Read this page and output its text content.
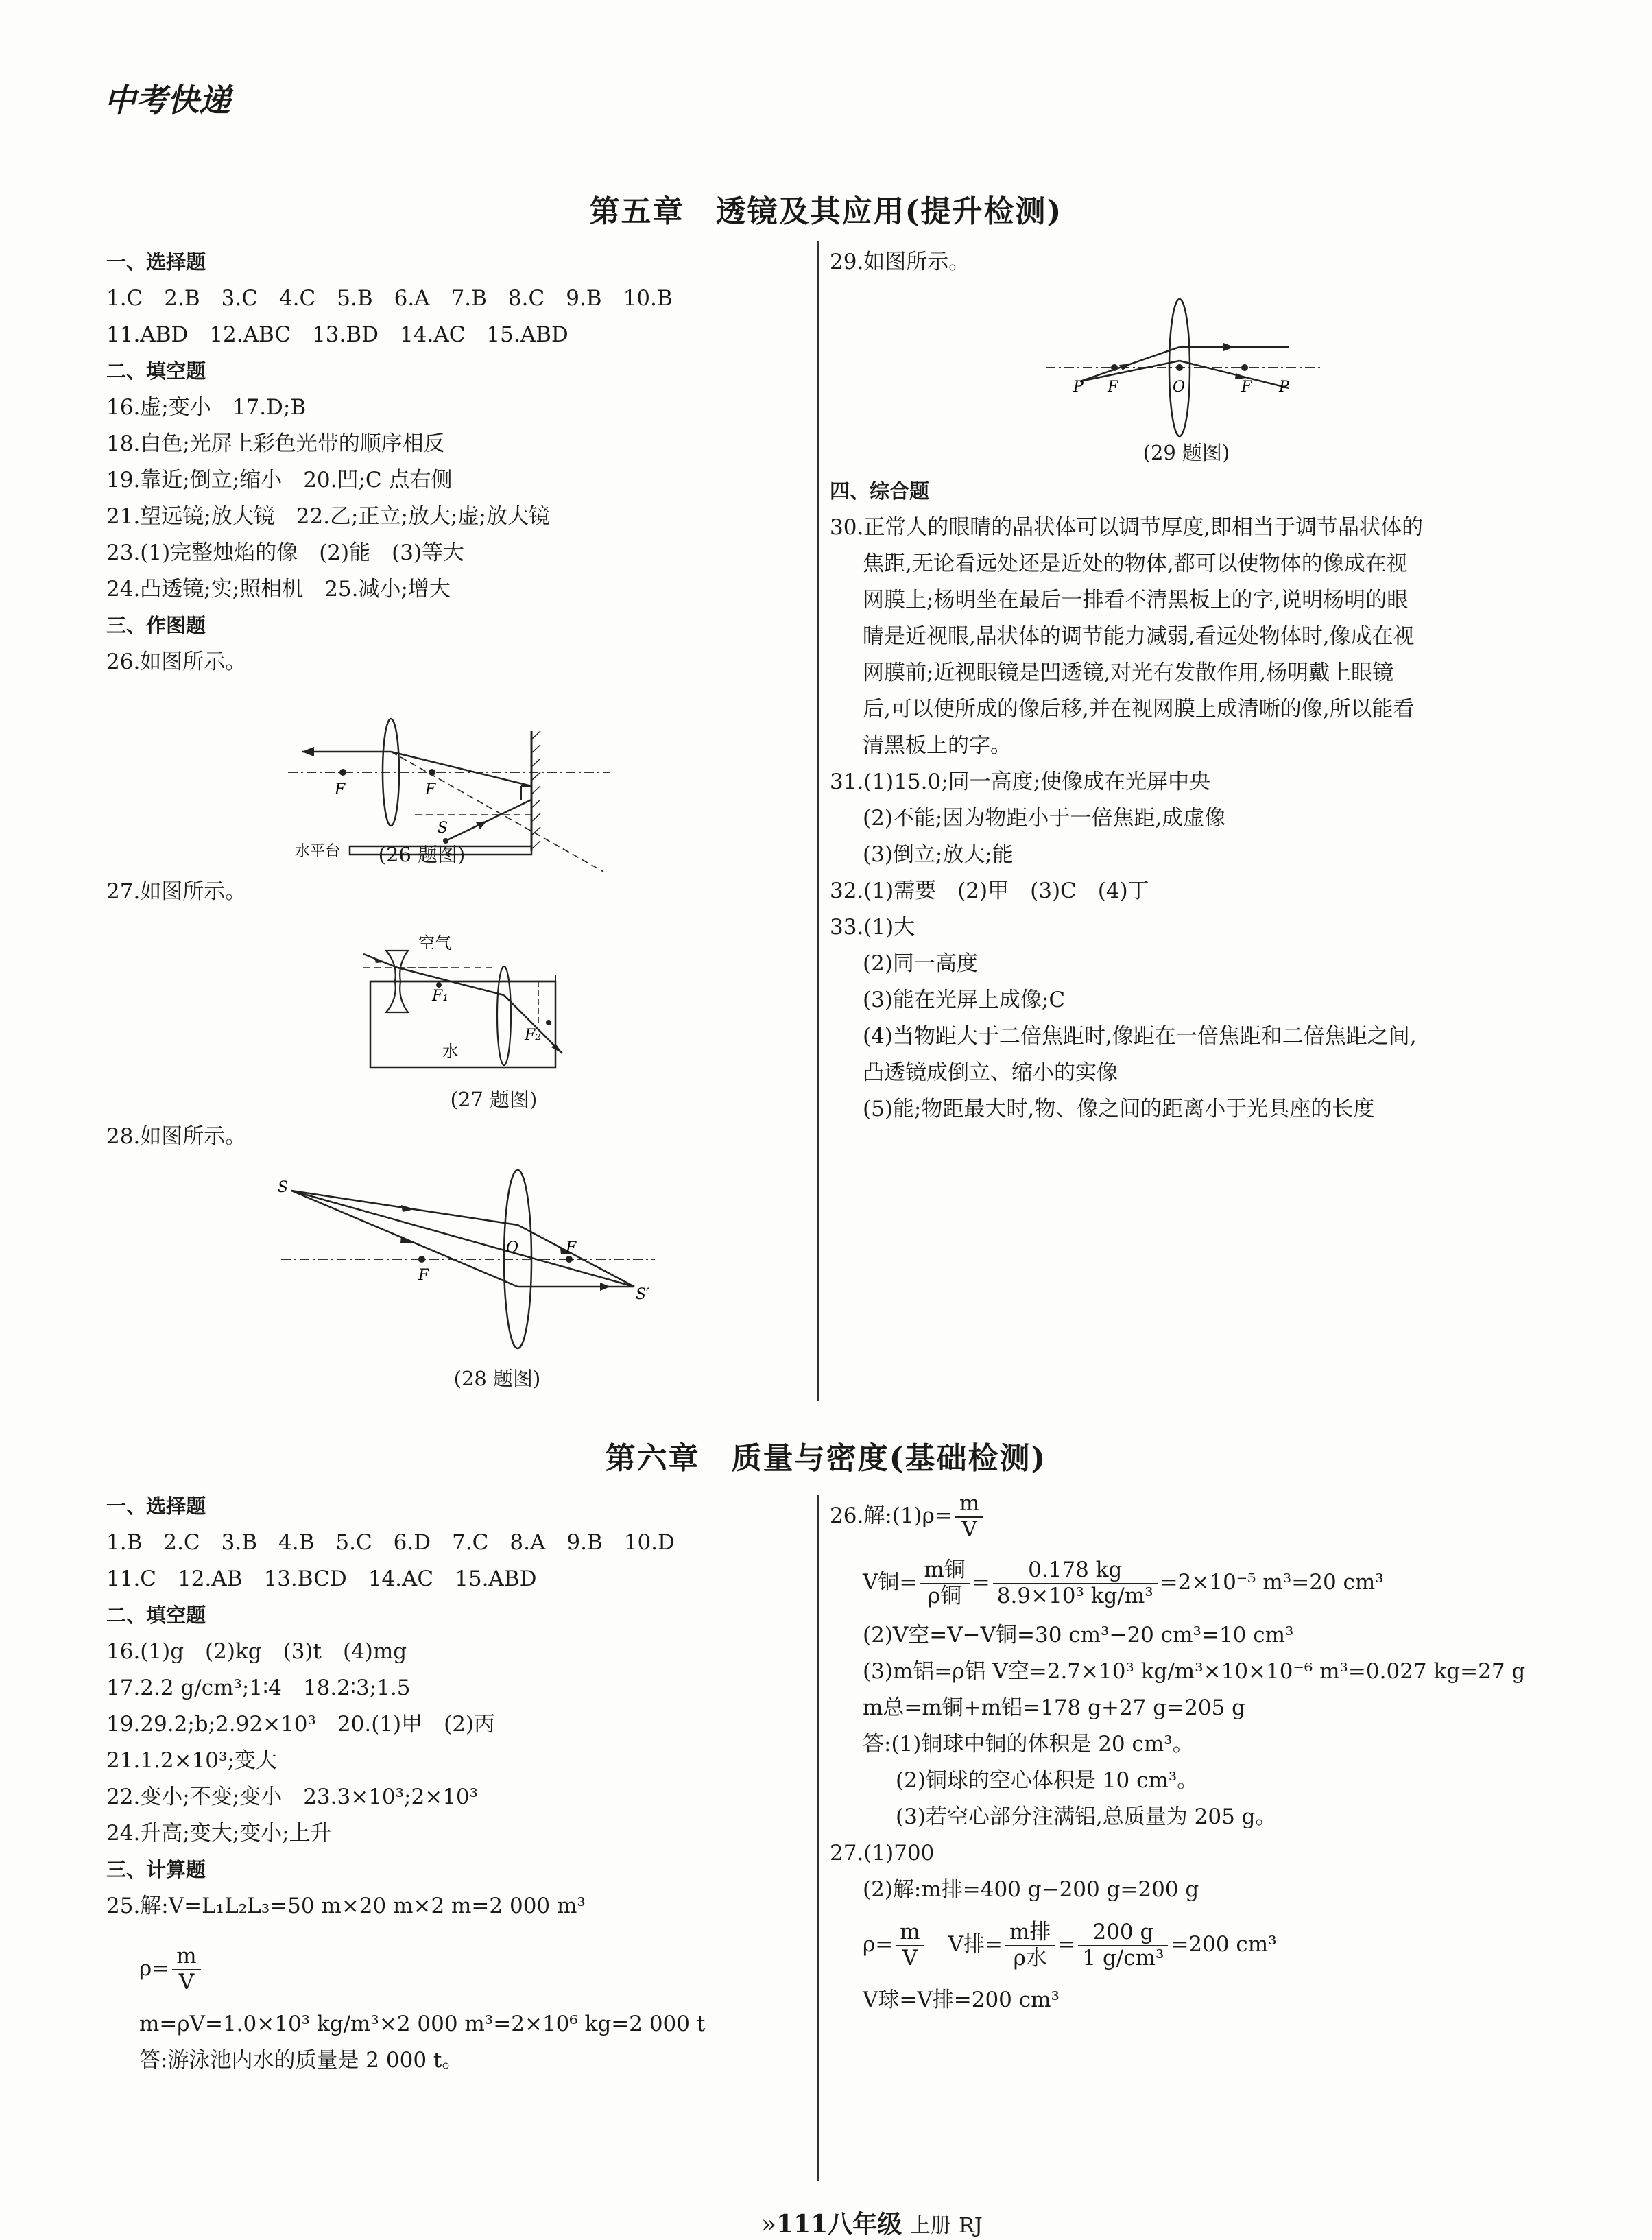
中考快递
第五章　透镜及其应用(提升检测)
一、选择题
1.C　2.B　3.C　4.C　5.B　6.A　7.B　8.C　9.B　10.B
11.ABD　12.ABC　13.BD　14.AC　15.ABD
二、填空题
16.虚;变小　17.D;B
18.白色;光屏上彩色光带的顺序相反
19.靠近;倒立;缩小　20.凹;C 点右侧
21.望远镜;放大镜　22.乙;正立;放大;虚;放大镜
23.(1)完整烛焰的像　(2)能　(3)等大
24.凸透镜;实;照相机　25.减小;增大
三、作图题
26.如图所示。
F	F
S
水平台	(26 题图)
27.如图所示。
空气
F₁
F₂
水
(27 题图)
28.如图所示。
S
O	F
F
S′
(28 题图)
29.如图所示。
P F	O	F P
(29 题图)
四、综合题
30.正常人的眼睛的晶状体可以调节厚度,即相当于调节晶状体的
焦距,无论看远处还是近处的物体,都可以使物体的像成在视
网膜上;杨明坐在最后一排看不清黑板上的字,说明杨明的眼
睛是近视眼,晶状体的调节能力减弱,看远处物体时,像成在视
网膜前;近视眼镜是凹透镜,对光有发散作用,杨明戴上眼镜
后,可以使所成的像后移,并在视网膜上成清晰的像,所以能看
清黑板上的字。
31.(1)15.0;同一高度;使像成在光屏中央
(2)不能;因为物距小于一倍焦距,成虚像
(3)倒立;放大;能
32.(1)需要　(2)甲　(3)C　(4)丁
33.(1)大
(2)同一高度
(3)能在光屏上成像;C
(4)当物距大于二倍焦距时,像距在一倍焦距和二倍焦距之间,
凸透镜成倒立、缩小的实像
(5)能;物距最大时,物、像之间的距离小于光具座的长度
第六章　质量与密度(基础检测)
一、选择题
1.B　2.C　3.B　4.B　5.C　6.D　7.C　8.A　9.B　10.D
11.C　12.AB　13.BCD　14.AC　15.ABD
二、填空题
16.(1)g　(2)kg　(3)t　(4)mg
17.2.2 g/cm³;1∶4　18.2∶3;1.5
19.29.2;b;2.92×10³　20.(1)甲　(2)丙
21.1.2×10³;变大
22.变小;不变;变小　23.3×10³;2×10³
24.升高;变大;变小;上升
三、计算题
25.解:V=L₁L₂L₃=50 m×20 m×2 m=2 000 m³
$\rho= \frac{m}{V}$
m=ρV=1.0×10³ kg/m³×2 000 m³=2×10⁶ kg=2 000 t
答:游泳池内水的质量是 2 000 t。
26.解:(1)ρ= $\frac{m}{V}$
V铜= $\frac{\text{m铜}}{\text{ρ铜}} = \frac{0.178 kg}{\text{8.9×10³ kg/m³}} =2\times 10^{-5}$ m³=20 cm³
(2)V空=V−V铜=30 cm³−20 cm³=10 cm³
(3)m铝=ρ铝 V空=2.7×10³ kg/m³×10×10⁻⁶ m³=0.027 kg=27 g
m总=m铜+m铝=178 g+27 g=205 g
答:(1)铜球中铜的体积是 20 cm³。
(2)铜球的空心体积是 10 cm³。
(3)若空心部分注满铝,总质量为 205 g。
27.(1)700
(2)解:m排=400 g−200 g=200 g
$\rho= \frac{m}{V}$
　 V排= $\frac{\text{m排}}{\text{ρ水}} = \frac{200 g}{\text{1 g/cm³}} =200$ cm³
V球=V排=200 cm³
»111八年级 上册 RJ
